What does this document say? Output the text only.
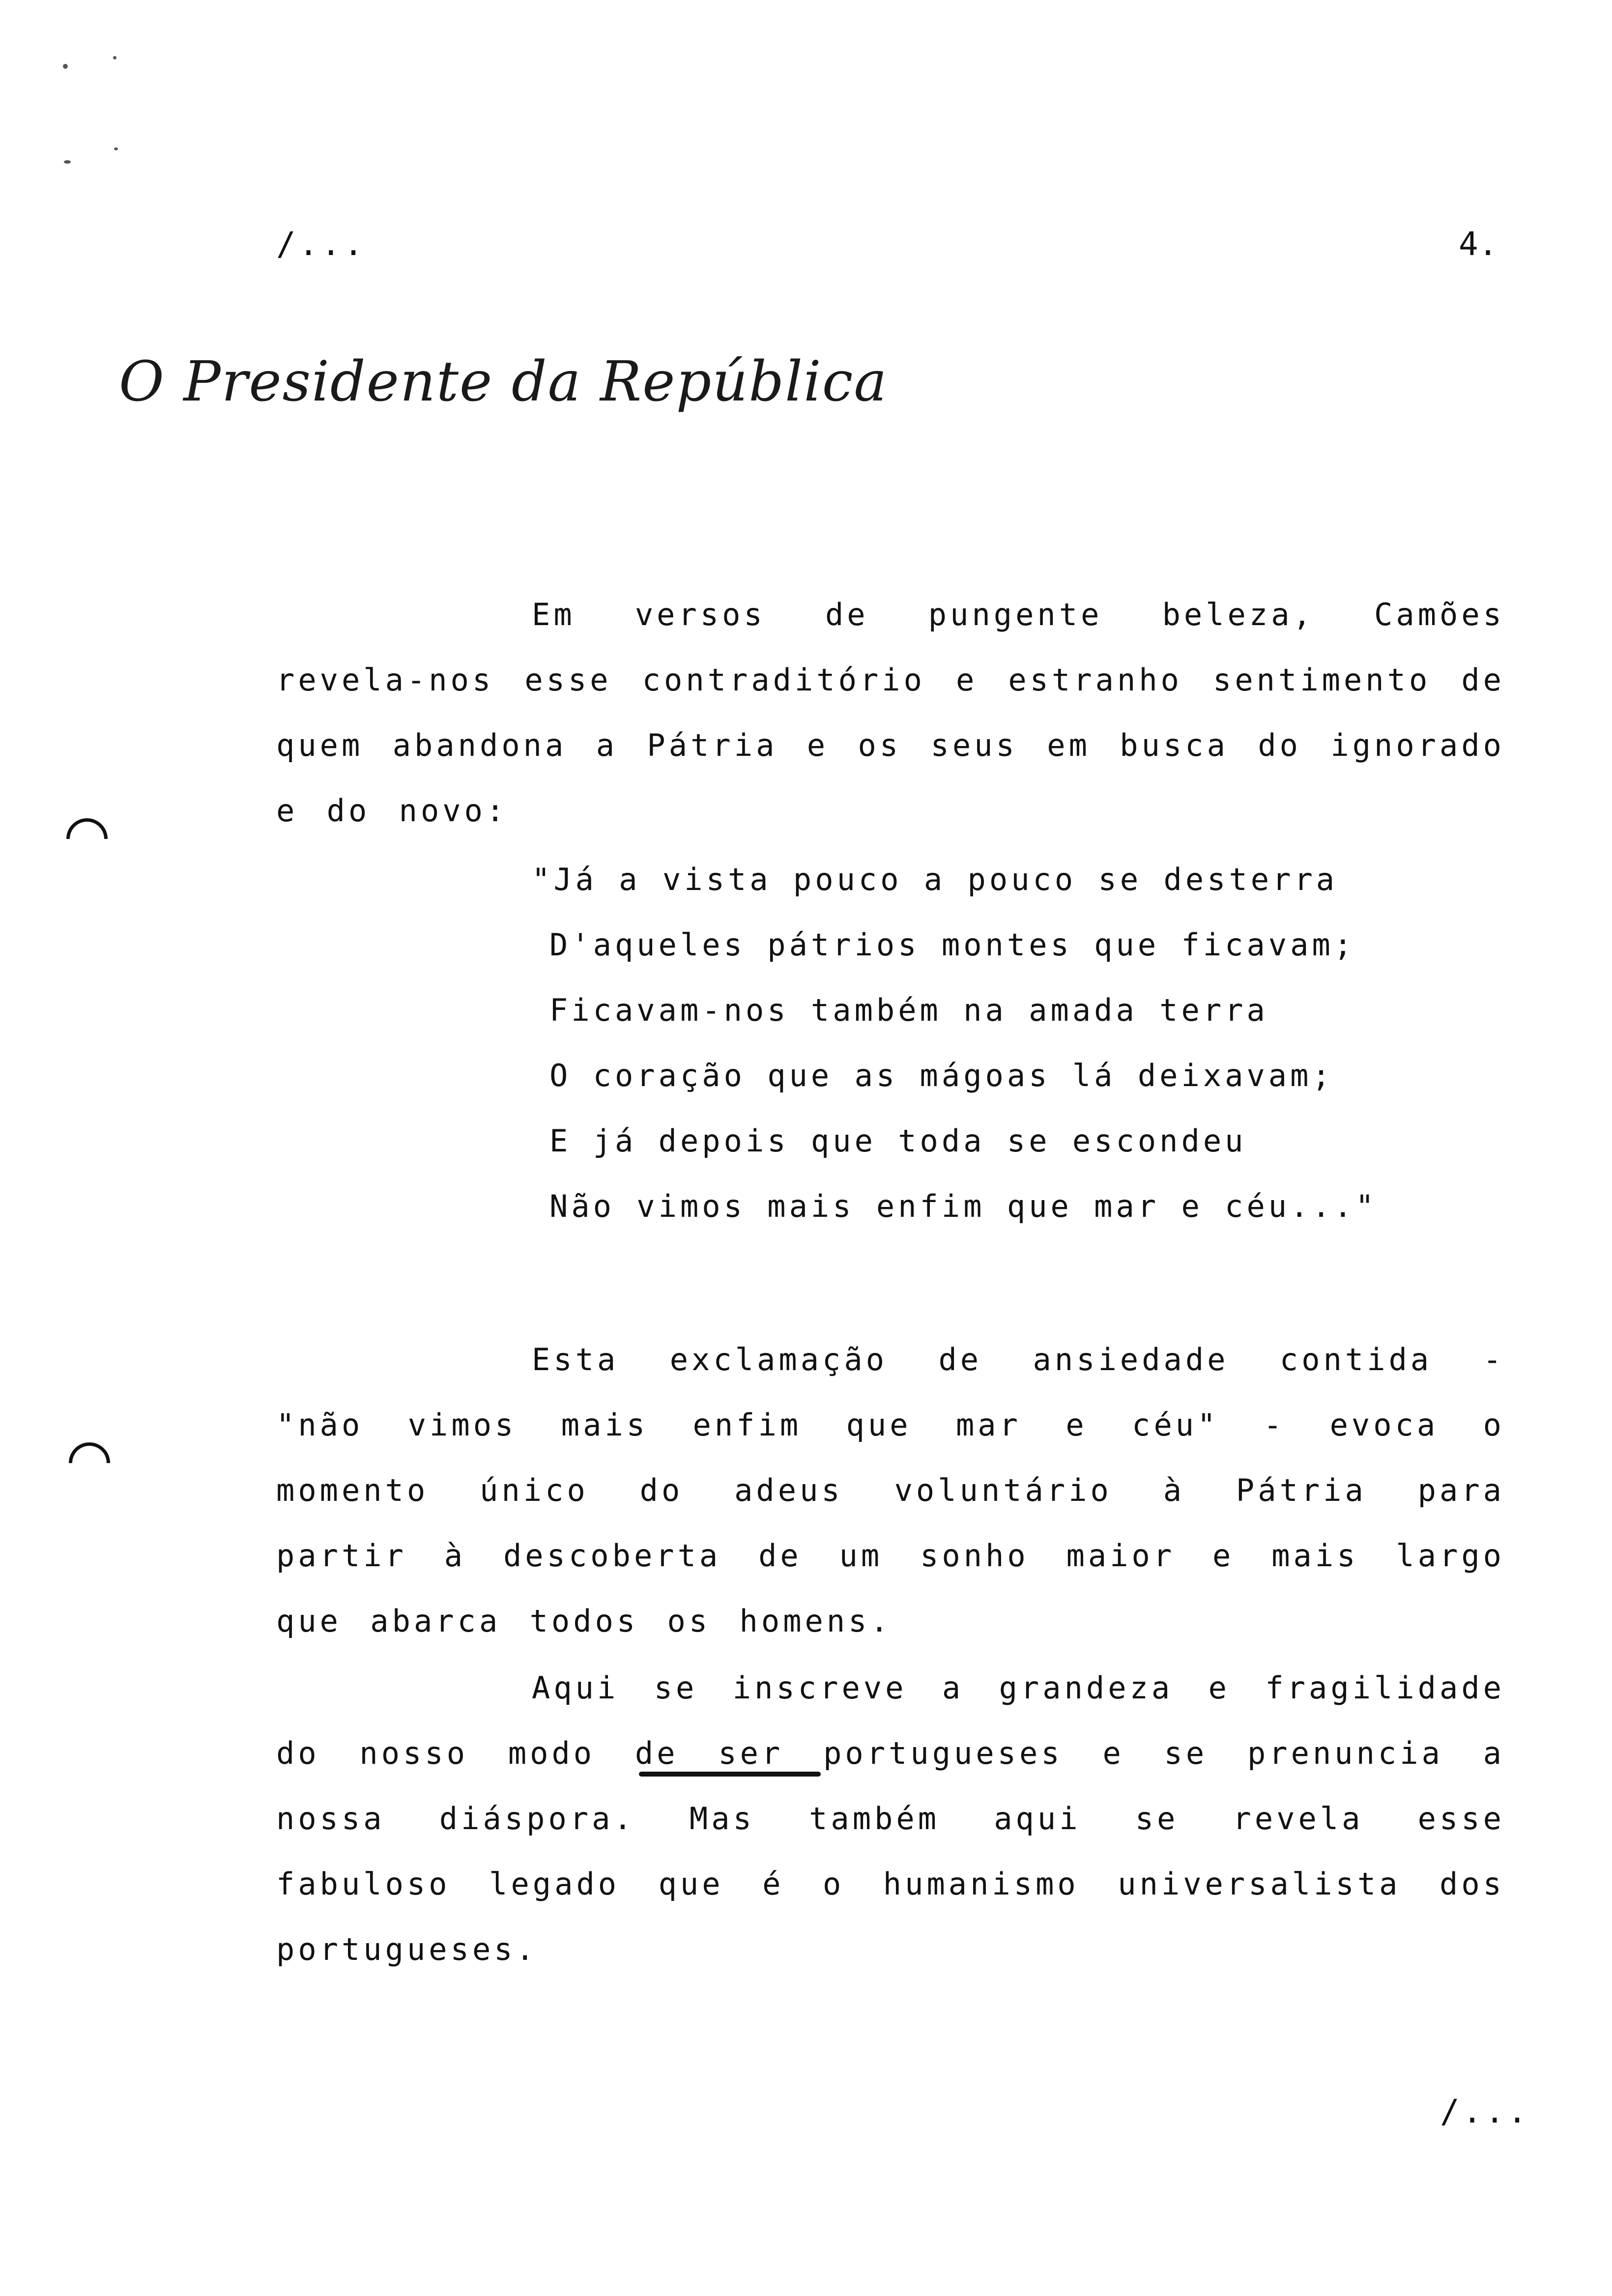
/...	4.
O Presidente da República
Em versos de pungente beleza, Camões revela-nos esse contraditório e estranho sentimento de quem abandona a Pátria e os seus em busca do ignorado e do novo:
"Já a vista pouco a pouco se desterra
D'aqueles pátrios montes que ficavam;
Ficavam-nos também na amada terra
O coração que as mágoas lá deixavam;
E já depois que toda se escondeu
Não vimos mais enfim que mar e céu..."
Esta exclamação de ansiedade contida - "não vimos mais enfim que mar e céu" - evoca o momento único do adeus voluntário à Pátria para partir à descoberta de um sonho maior e mais largo que abarca todos os homens.
Aqui se inscreve a grandeza e fragilidade do nosso modo de ser portugueses e se prenuncia a nossa diáspora. Mas também aqui se revela esse fabuloso legado que é o humanismo universalista dos portugueses.
/...
